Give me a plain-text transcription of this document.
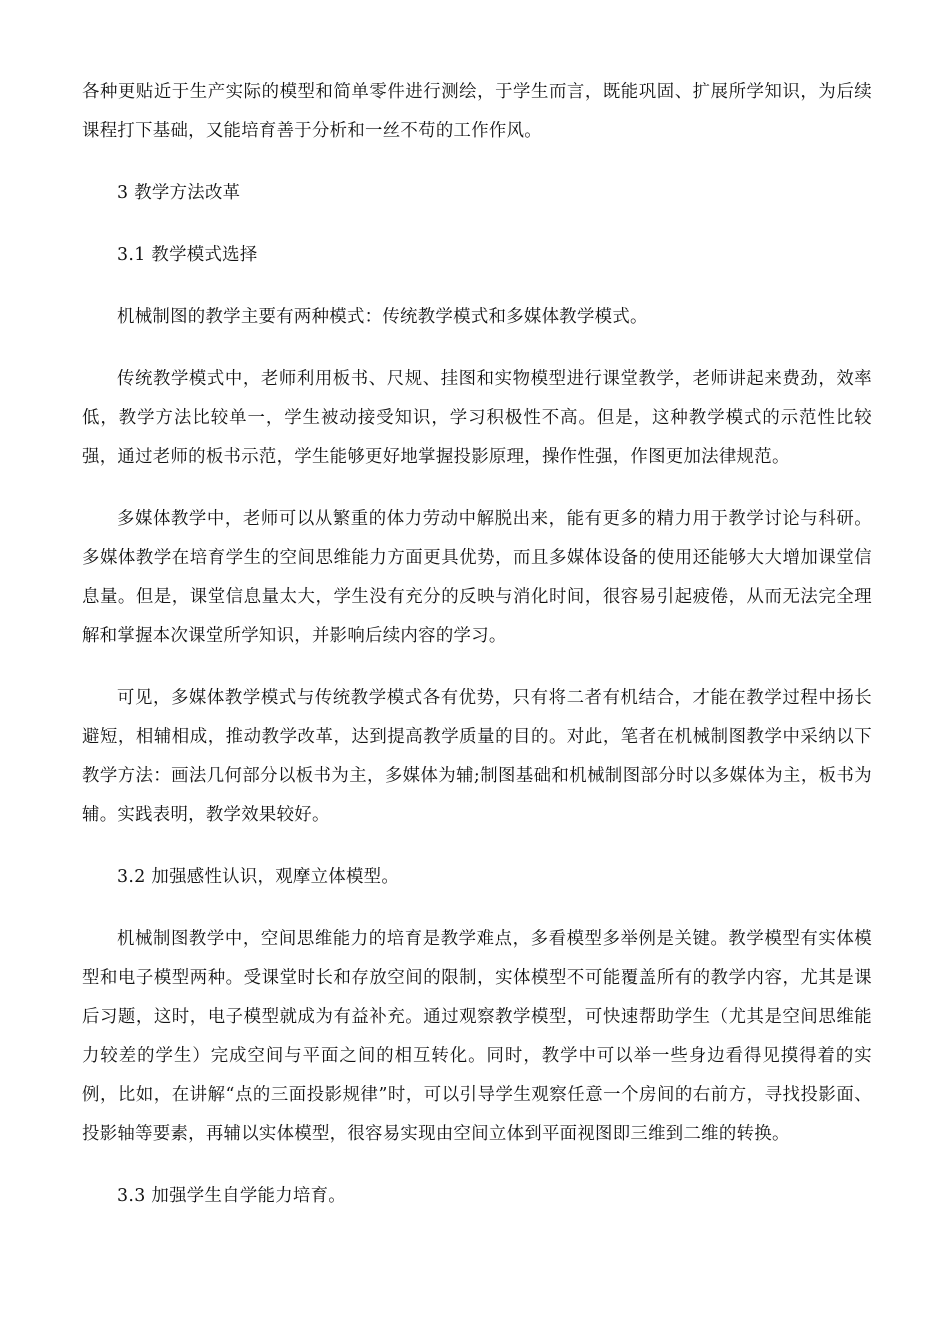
各种更贴近于生产实际的模型和简单零件进行测绘，于学生而言，既能巩固、扩展所学知识，为后续课程打下基础，又能培育善于分析和一丝不苟的工作作风。

3 教学方法改革

3.1 教学模式选择

机械制图的教学主要有两种模式：传统教学模式和多媒体教学模式。

传统教学模式中，老师利用板书、尺规、挂图和实物模型进行课堂教学，老师讲起来费劲，效率低，教学方法比较单一，学生被动接受知识，学习积极性不高。但是，这种教学模式的示范性比较强，通过老师的板书示范，学生能够更好地掌握投影原理，操作性强，作图更加法律规范。

多媒体教学中，老师可以从繁重的体力劳动中解脱出来，能有更多的精力用于教学讨论与科研。多媒体教学在培育学生的空间思维能力方面更具优势，而且多媒体设备的使用还能够大大增加课堂信息量。但是，课堂信息量太大，学生没有充分的反映与消化时间，很容易引起疲倦，从而无法完全理解和掌握本次课堂所学知识，并影响后续内容的学习。

可见，多媒体教学模式与传统教学模式各有优势，只有将二者有机结合，才能在教学过程中扬长避短，相辅相成，推动教学改革，达到提高教学质量的目的。对此，笔者在机械制图教学中采纳以下教学方法：画法几何部分以板书为主，多媒体为辅;制图基础和机械制图部分时以多媒体为主，板书为辅。实践表明，教学效果较好。

3.2 加强感性认识，观摩立体模型。

机械制图教学中，空间思维能力的培育是教学难点，多看模型多举例是关键。教学模型有实体模型和电子模型两种。受课堂时长和存放空间的限制，实体模型不可能覆盖所有的教学内容，尤其是课后习题，这时，电子模型就成为有益补充。通过观察教学模型，可快速帮助学生（尤其是空间思维能力较差的学生）完成空间与平面之间的相互转化。同时，教学中可以举一些身边看得见摸得着的实例，比如，在讲解“点的三面投影规律”时，可以引导学生观察任意一个房间的右前方，寻找投影面、投影轴等要素，再辅以实体模型，很容易实现由空间立体到平面视图即三维到二维的转换。

3.3 加强学生自学能力培育。
